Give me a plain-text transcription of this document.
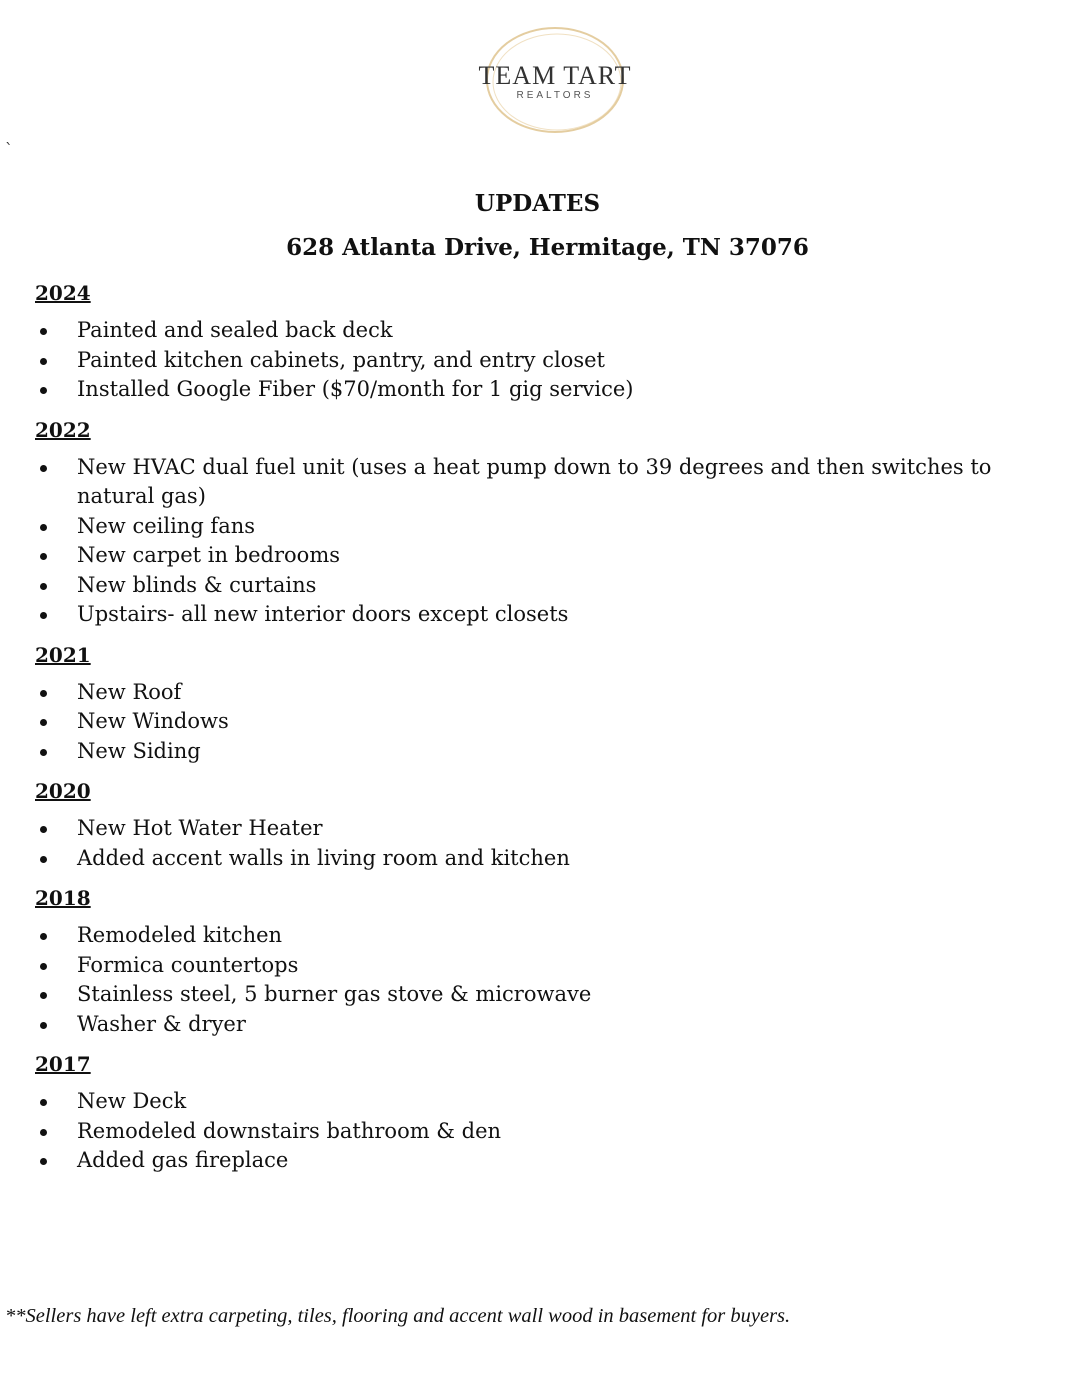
TEAM TART
REALTORS
`
UPDATES
628 Atlanta Drive, Hermitage, TN 37076
2024
Painted and sealed back deck
Painted kitchen cabinets, pantry, and entry closet
Installed Google Fiber ($70/month for 1 gig service)
2022
New HVAC dual fuel unit (uses a heat pump down to 39 degrees and then switches to natural gas)
New ceiling fans
New carpet in bedrooms
New blinds & curtains
Upstairs- all new interior doors except closets
2021
New Roof
New Windows
New Siding
2020
New Hot Water Heater
Added accent walls in living room and kitchen
2018
Remodeled kitchen
Formica countertops
Stainless steel, 5 burner gas stove & microwave
Washer & dryer
2017
New Deck
Remodeled downstairs bathroom & den
Added gas fireplace

**Sellers have left extra carpeting, tiles, flooring and accent wall wood in basement for buyers.
